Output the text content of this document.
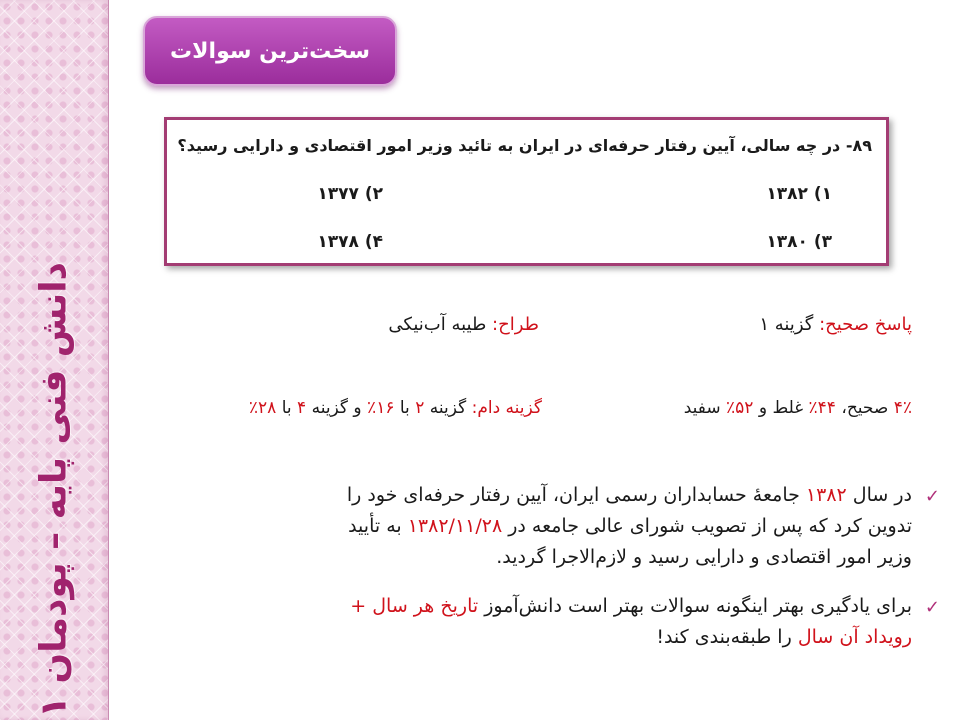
دانش فنی پایه – پودمان ۱
سخت‌ترین سوالات
۸۹- در چه سالی، آیین رفتار حرفه‌ای در ایران به تائید وزیر امور اقتصادی و دارایی رسید؟
۱) ۱۳۸۲
۲) ۱۳۷۷
۳) ۱۳۸۰
۴) ۱۳۷۸
پاسخ صحیح: گزینه ۱
طراح: طیبه آب‌نیکی
۴٪ صحیح، ۴۴٪ غلط و ۵۲٪ سفید
گزینه دام: گزینه ۲ با ۱۶٪ و گزینه ۴ با ۲۸٪
✓
در سال ۱۳۸۲ جامعهٔ حسابداران رسمی ایران، آیین رفتار حرفه‌ای خود را
تدوین کرد که پس از تصویب شورای عالی جامعه در ۱۳۸۲/۱۱/۲۸ به تأیید
وزیر امور اقتصادی و دارایی رسید و لازم‌الاجرا گردید.
✓
برای یادگیری بهتر اینگونه سوالات بهتر است دانش‌آموز تاریخ هر سال +
رویداد آن سال را طبقه‌بندی کند!
